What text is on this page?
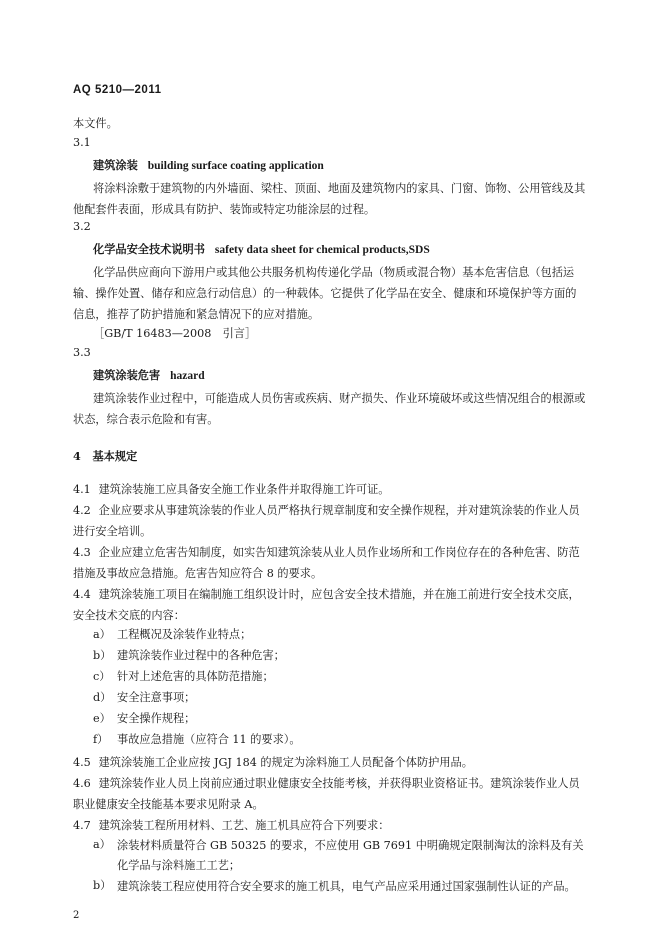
AQ 5210—2011
本文件。
3.1
建筑涂装 building surface coating application
将涂料涂敷于建筑物的内外墙面、梁柱、顶面、地面及建筑物内的家具、门窗、饰物、公用管线及其他配套件表面，形成具有防护、装饰或特定功能涂层的过程。
3.2
化学品安全技术说明书 safety data sheet for chemical products,SDS
化学品供应商向下游用户或其他公共服务机构传递化学品（物质或混合物）基本危害信息（包括运输、操作处置、储存和应急行动信息）的一种载体。它提供了化学品在安全、健康和环境保护等方面的信息，推荐了防护措施和紧急情况下的应对措施。
［GB/T 16483—2008　引言］
3.3
建筑涂装危害 hazard
建筑涂装作业过程中，可能造成人员伤害或疾病、财产损失、作业环境破坏或这些情况组合的根源或状态，综合表示危险和有害。
4 基本规定
4.1 建筑涂装施工应具备安全施工作业条件并取得施工许可证。
4.2 企业应要求从事建筑涂装的作业人员严格执行规章制度和安全操作规程，并对建筑涂装的作业人员进行安全培训。
4.3 企业应建立危害告知制度，如实告知建筑涂装从业人员作业场所和工作岗位存在的各种危害、防范措施及事故应急措施。危害告知应符合 8 的要求。
4.4 建筑涂装施工项目在编制施工组织设计时，应包含安全技术措施，并在施工前进行安全技术交底，安全技术交底的内容：
a） 工程概况及涂装作业特点；
b） 建筑涂装作业过程中的各种危害；
c） 针对上述危害的具体防范措施；
d） 安全注意事项；
e） 安全操作规程；
f） 事故应急措施（应符合 11 的要求）。
4.5 建筑涂装施工企业应按 JGJ 184 的规定为涂料施工人员配备个体防护用品。
4.6 建筑涂装作业人员上岗前应通过职业健康安全技能考核，并获得职业资格证书。建筑涂装作业人员职业健康安全技能基本要求见附录 A。
4.7 建筑涂装工程所用材料、工艺、施工机具应符合下列要求：
a） 涂装材料质量符合 GB 50325 的要求，不应使用 GB 7691 中明确规定限制淘汰的涂料及有关化学品与涂料施工工艺；
b） 建筑涂装工程应使用符合安全要求的施工机具，电气产品应采用通过国家强制性认证的产品。
2
